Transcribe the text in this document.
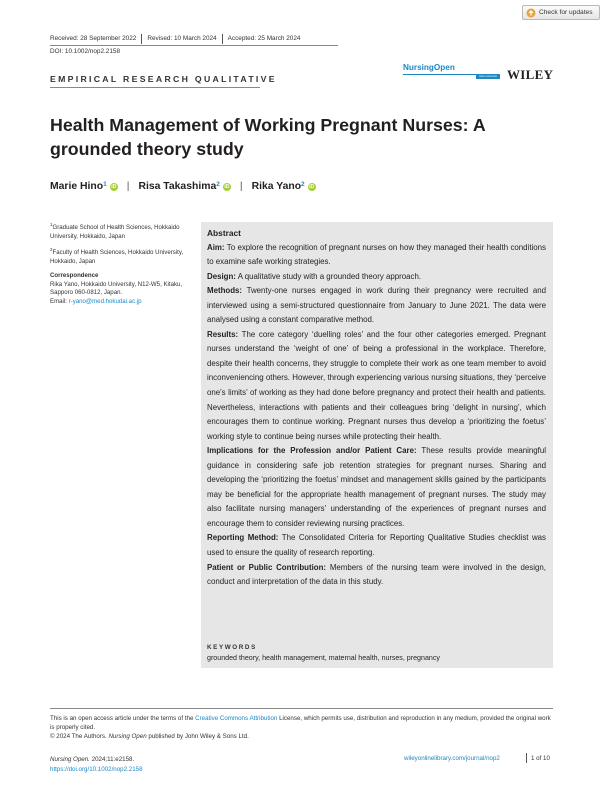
Check for updates
Received: 28 September 2022 Revised: 10 March 2024 Accepted: 25 March 2024
DOI: 10.1002/nop2.2158
EMPIRICAL RESEARCH QUALITATIVE
NursingOpen
Open Access WILEY
Health Management of Working Pregnant Nurses: A grounded theory study
Marie Hino$^1$ iD | Risa Takashima$^2$ iD | Rika Yano$^2$ iD

$^1$Graduate School of Health Sciences, Hokkaido University, Hokkaido, Japan

$^2$Faculty of Health Sciences, Hokkaido University, Hokkaido, Japan

Correspondence
Rika Yano, Hokkaido University, N12-W5, Kitaku, Sapporo 060-0812, Japan.
Email: r-yano@med.hokudai.ac.jp

Abstract

Aim: To explore the recognition of pregnant nurses on how they managed their health conditions to examine safe working strategies.

Design: A qualitative study with a grounded theory approach.

Methods: Twenty-one nurses engaged in work during their pregnancy were recruited and interviewed using a semi-structured questionnaire from January to June 2021. The data were analysed using a constant comparative method.

Results: The core category ‘duelling roles’ and the four other categories emerged. Pregnant nurses understand the ‘weight of one’ of being a professional in the workplace. Therefore, despite their health concerns, they struggle to complete their work as one team member to avoid inconveniencing others. However, through experiencing various nursing situations, they ‘perceive one's limits’ of working as they had done before pregnancy and protect their health and patients. Nevertheless, interactions with patients and their colleagues bring ‘delight in nursing’, which encourages them to continue working. Pregnant nurses thus develop a ‘prioritizing the foetus’ working style to continue being nurses while protecting their health.

Implications for the Profession and/or Patient Care: These results provide meaningful guidance in considering safe job retention strategies for pregnant nurses. Sharing and developing the ‘prioritizing the foetus’ mindset and management skills gained by the participants may be beneficial for the appropriate health management of pregnant nurses. The study may also facilitate nursing managers' understanding of the experiences of pregnant nurses and encourage them to consider reviewing nursing practices.

Reporting Method: The Consolidated Criteria for Reporting Qualitative Studies checklist was used to ensure the quality of research reporting.

Patient or Public Contribution: Members of the nursing team were involved in the design, conduct and interpretation of the data in this study.

KEYWORDS
grounded theory, health management, maternal health, nurses, pregnancy
This is an open access article under the terms of the Creative Commons Attribution License, which permits use, distribution and reproduction in any medium, provided the original work is properly cited.
© 2024 The Authors. Nursing Open published by John Wiley & Sons Ltd.
Nursing Open. 2024;11:e2158.
https://doi.org/10.1002/nop2.2158
wileyonlinelibrary.com/journal/nop2	1 of 10
